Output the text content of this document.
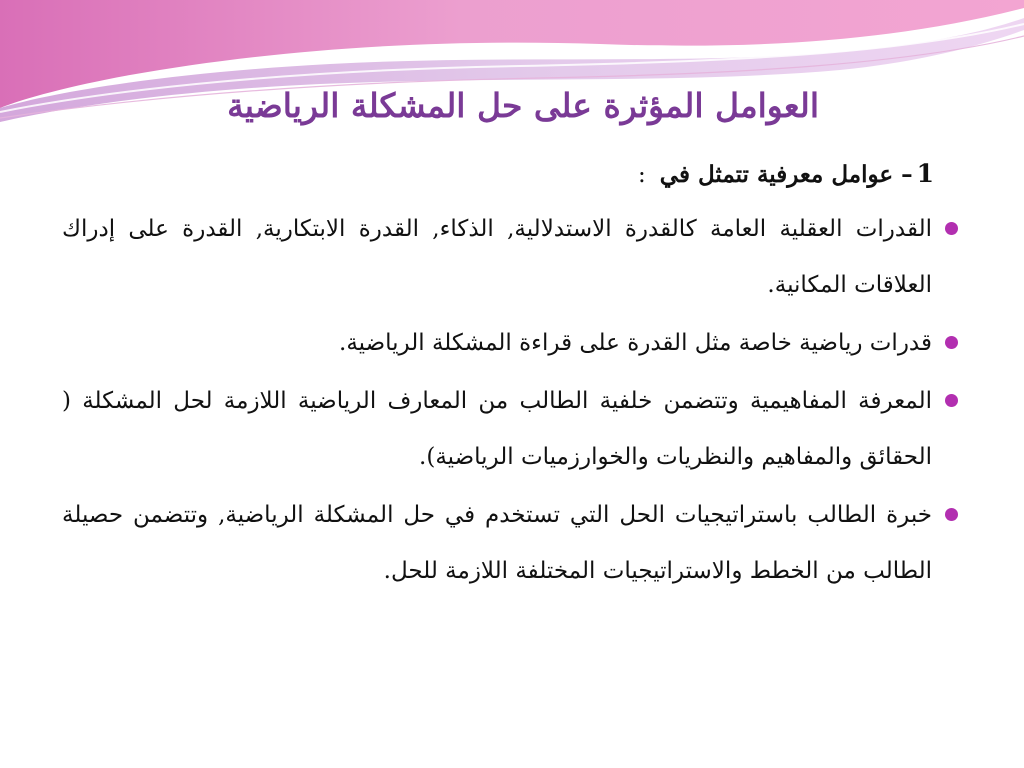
العوامل المؤثرة على حل المشكلة الرياضية

1– عوامل معرفية تتمثل في :

القدرات العقلية العامة كالقدرة الاستدلالية, الذكاء, القدرة الابتكارية, القدرة على إدراك العلاقات المكانية.
قدرات رياضية خاصة مثل القدرة على قراءة المشكلة الرياضية.
المعرفة المفاهيمية وتتضمن خلفية الطالب من المعارف الرياضية اللازمة لحل المشكلة ( الحقائق والمفاهيم والنظريات والخوارزميات الرياضية).
خبرة الطالب باستراتيجيات الحل التي تستخدم في حل المشكلة الرياضية, وتتضمن حصيلة الطالب من الخطط والاستراتيجيات المختلفة اللازمة للحل.
